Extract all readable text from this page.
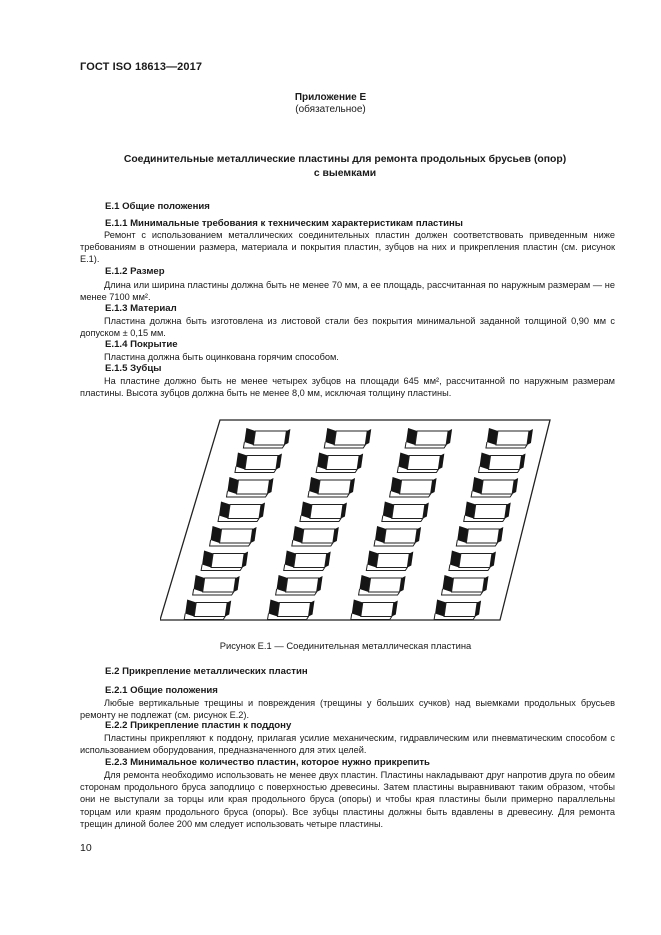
ГОСТ ISO 18613—2017
Приложение Е
(обязательное)
Соединительные металлические пластины для ремонта продольных брусьев (опор)
с выемками
Е.1 Общие положения
Е.1.1 Минимальные требования к техническим характеристикам пластины
Ремонт с использованием металлических соединительных пластин должен соответствовать приведенным ниже требованиям в отношении размера, материала и покрытия пластин, зубцов на них и прикрепления пластин (см. рисунок Е.1).
Е.1.2 Размер
Длина или ширина пластины должна быть не менее 70 мм, а ее площадь, рассчитанная по наружным размерам — не менее 7100 мм².
Е.1.3 Материал
Пластина должна быть изготовлена из листовой стали без покрытия минимальной заданной толщиной 0,90 мм с допуском ± 0,15 мм.
Е.1.4 Покрытие
Пластина должна быть оцинкована горячим способом.
Е.1.5 Зубцы
На пластине должно быть не менее четырех зубцов на площади 645 мм², рассчитанной по наружным размерам пластины. Высота зубцов должна быть не менее 8,0 мм, исключая толщину пластины.
Рисунок Е.1 — Соединительная металлическая пластина
Е.2 Прикрепление металлических пластин
Е.2.1 Общие положения
Любые вертикальные трещины и повреждения (трещины у больших сучков) над выемками продольных брусьев ремонту не подлежат (см. рисунок Е.2).
Е.2.2 Прикрепление пластин к поддону
Пластины прикрепляют к поддону, прилагая усилие механическим, гидравлическим или пневматическим способом с использованием оборудования, предназначенного для этих целей.
Е.2.3 Минимальное количество пластин, которое нужно прикрепить
Для ремонта необходимо использовать не менее двух пластин. Пластины накладывают друг напротив друга по обеим сторонам продольного бруса заподлицо с поверхностью древесины. Затем пластины выравнивают таким образом, чтобы они не выступали за торцы или края продольного бруса (опоры) и чтобы края пластины были примерно параллельны торцам или краям продольного бруса (опоры). Все зубцы пластины должны быть вдавлены в древесину. Для ремонта трещин длиной более 200 мм следует использовать четыре пластины.
10
